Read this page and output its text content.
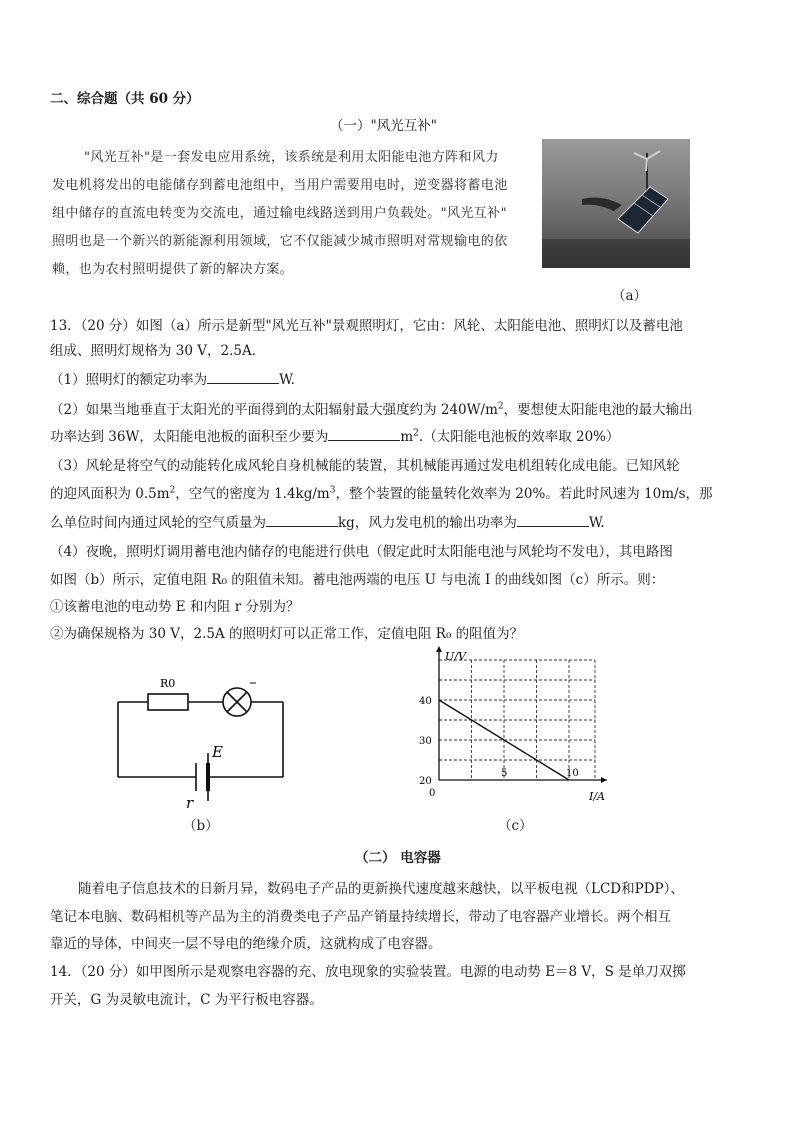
二、综合题（共 60 分）
（一）"风光互补"
"风光互补"是一套发电应用系统，该系统是利用太阳能电池方阵和风力
发电机将发出的电能储存到蓄电池组中，当用户需要用电时，逆变器将蓄电池
组中储存的直流电转变为交流电，通过输电线路送到用户负载处。"风光互补"
照明也是一个新兴的新能源利用领域，它不仅能减少城市照明对常规输电的依
赖，也为农村照明提供了新的解决方案。
（a）
13．（20 分）如图（a）所示是新型"风光互补"景观照明灯，它由：风轮、太阳能电池、照明灯以及蓄电池
组成、照明灯规格为 30 V，2.5A．
（1）照明灯的额定功率为	W.
（2）如果当地垂直于太阳光的平面得到的太阳辐射最大强度约为 $240W/m^2$，要想使太阳能电池的最大输出
功率达到 36W，太阳能电池板的面积至少要为	$m^2$.（太阳能电池板的效率取 20%）
（3）风轮是将空气的动能转化成风轮自身机械能的装置，其机械能再通过发电机组转化成电能。已知风轮
的迎风面积为 $0.5m^2$，空气的密度为 $1.4kg/m^3$，整个装置的能量转化效率为 20%。若此时风速为 10m/s，那
么单位时间内通过风轮的空气质量为	kg，风力发电机的输出功率为	W.
（4）夜晚，照明灯调用蓄电池内储存的电能进行供电（假定此时太阳能电池与风轮均不发电），其电路图
如图（b）所示，定值电阻 R₀ 的阻值未知。蓄电池两端的电压 U 与电流 I 的曲线如图（c）所示。则：
①该蓄电池的电动势 E 和内阻 r 分别为？
②为确保规格为 30 V，2.5A 的照明灯可以正常工作，定值电阻 R₀ 的阻值为？
R0
E
r
（b）
I/A
U/V
5	10
20
30
40
0
（c）
（二） 电容器
随着电子信息技术的日新月异，数码电子产品的更新换代速度越来越快，以平板电视（LCD和PDP）、
笔记本电脑、数码相机等产品为主的消费类电子产品产销量持续增长，带动了电容器产业增长。两个相互
靠近的导体，中间夹一层不导电的绝缘介质，这就构成了电容器。
14．（20 分）如甲图所示是观察电容器的充、放电现象的实验装置。电源的电动势 E＝8 V，S 是单刀双掷
开关，G 为灵敏电流计，C 为平行板电容器。
